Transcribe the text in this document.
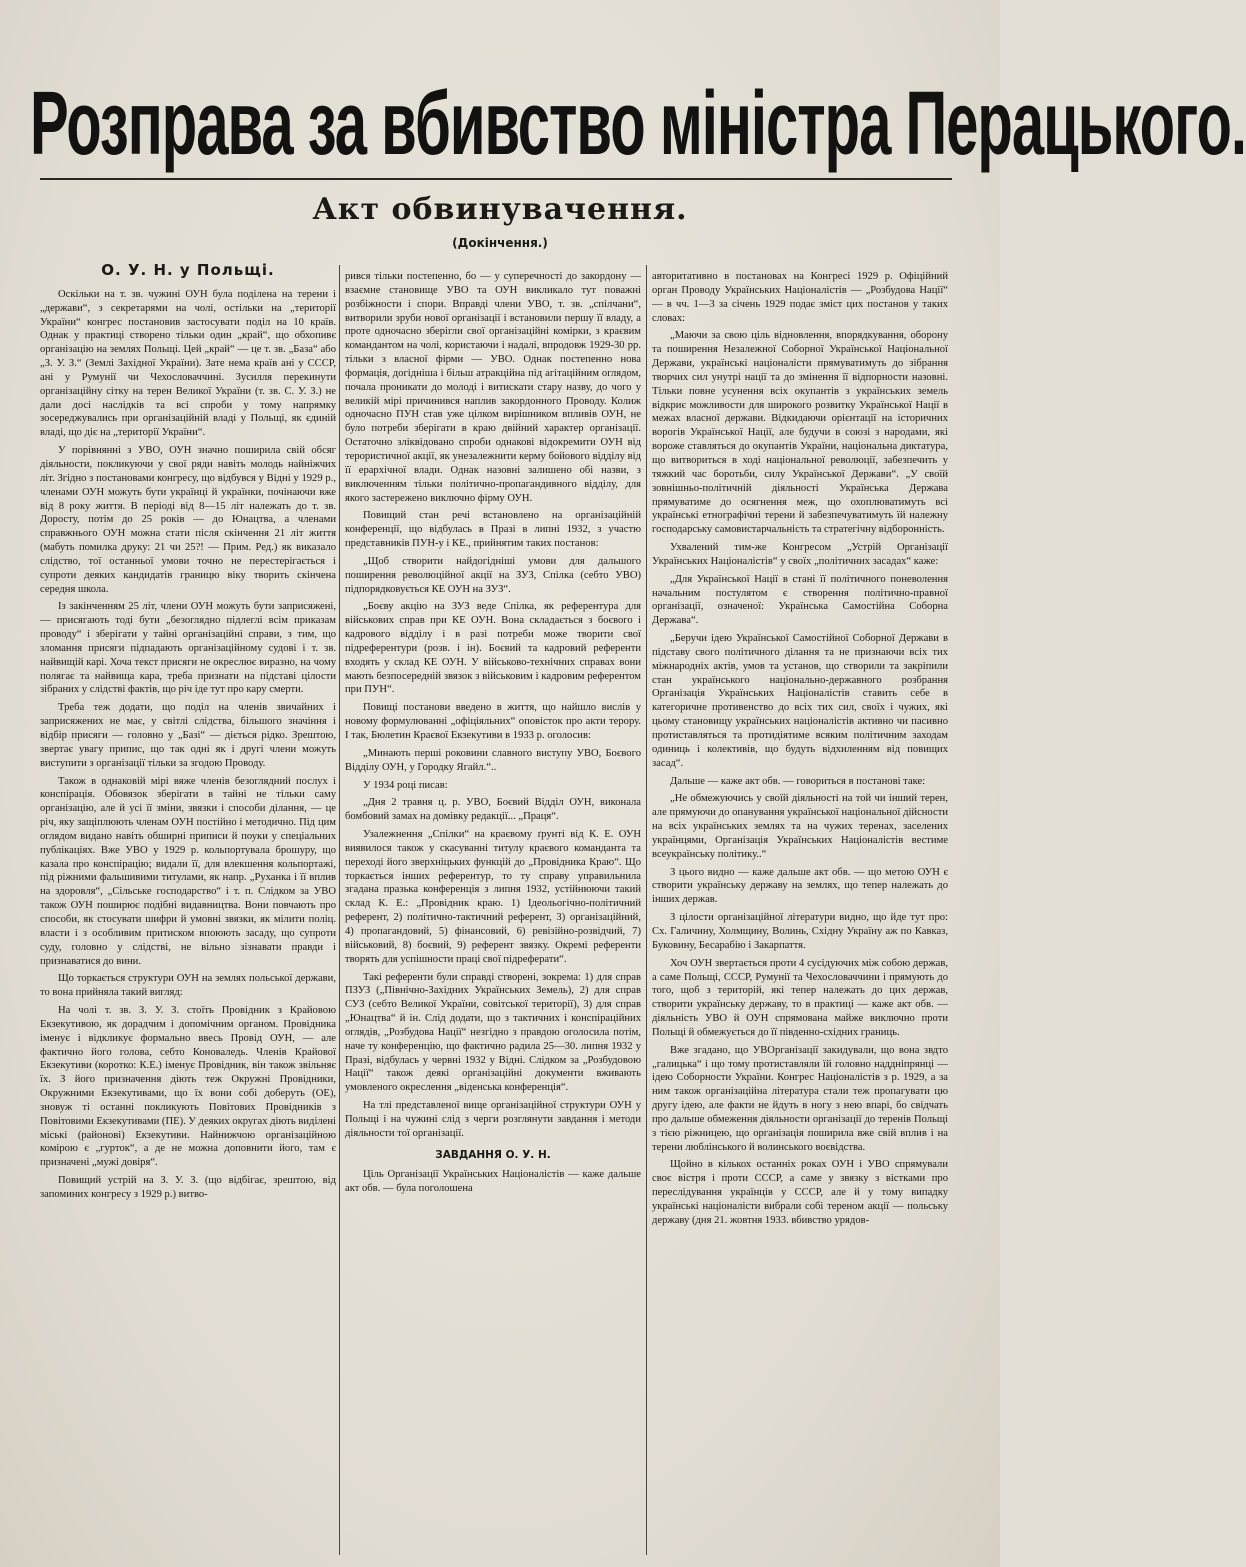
Розправа за вбивство міністра Перацького.
Акт обвинувачення.
(Докінчення.)
О. У. Н. у Польщі.

Оскільки на т. зв. чужині ОУН була поділена на терени і „держави“, з секретарями на чолі, остільки на „території України“ конгрес постановив застосувати поділ на 10 країв. Однак у практиці створено тільки один „край“, що обхопивє організацію на землях Польщі. Цей „край“ — це т. зв. „База“ або „З. У. З.“ (Землі Західної України). Зате нема країв ані у СССР, ані у Румунії чи Чехословаччині. Зусилля перекинути організаційну сітку на терен Великої України (т. зв. С. У. З.) не дали досі наслідків та всі спроби у тому напрямку зосереджувались при організаційній владі у Польщі, як єдиній владі, що діє на „території України“.

У порівнянні з УВО, ОУН значно поширила свій обсяг діяльности, покликуючи у свої ряди навіть молодь найніжчих літ. Згідно з постановами конгресу, що відбувся у Відні у 1929 р., членами ОУН можуть бути українці й українки, почінаючи вже від 8 року життя. В періоді від 8—15 літ належать до т. зв. Доросту, потім до 25 років — до Юнацтва, а членами справжнього ОУН можна стати після скінчення 21 літ життя (мабуть помилка друку: 21 чи 25?! — Прим. Ред.) як виказало слідство, тої останньої умови точно не перестерігається і супроти деяких кандидатів границю віку творить скінчена середня школа.

Із закінченням 25 літ, члени ОУН можуть бути заприсяжені, — присягають тоді бути „безоглядно підлеглі всім приказам проводу“ і зберігати у тайні організаційні справи, з тим, що зломання присяги підпадають організаційному судові і т. зв. найвищій карі. Хоча текст присяги не окреслює виразно, на чому полягає та найвища кара, треба признати на підставі цілости зібраних у слідстві фактів, що річ іде тут про кару смерти.

Треба теж додати, що поділ на членів звичайних і заприсяжених не має, у світлі слідства, більшого значіння і відбір присяги — головно у „Базі“ — діється рідко. Зрештою, звертає увагу припис, що так одні як і другі члени можуть виступити з організації тільки за згодою Проводу.

Також в однаковій мірі вяже членів безоглядний послух і конспірація. Обовязок зберігати в тайні не тільки саму організацію, але й усі її зміни, звязки і способи ділання, — це річ, яку защіплюють членам ОУН постійно і методично. Під цим оглядом видано навіть обширні приписи й поуки у спеціальних публікаціях. Вже УВО у 1929 р. кольпортувала брошуру, що казала про конспірацію; видали її, для влекшення кольпортажі, під ріжними фальшивими титулами, як напр. „Руханка і її вплив на здоровля“, „Сільське господарство“ і т. п. Слідком за УВО також ОУН поширює подібні видавництва. Вони повчають про способи, як стосувати шифри й умовні звязки, як мілити поліц. власти і з особливим притиском впоюють засаду, що супроти суду, головно у слідстві, не вільно зізнавати правди і признаватися до вини.

Що торкається структури ОУН на землях польської держави, то вона прийняла такий вигляд:

На чолі т. зв. З. У. З. стоїть Провідник з Крайовою Екзекутивою, як дорадчим і допомічним органом. Провідника іменує і відкликує формально ввесь Провід ОУН, — але фактично його голова, себто Коноваледь. Членів Крайової Екзекутиви (коротко: К.Е.) іменує Провідник, він також звільняє їх. З його призначення діють теж Окружні Провідники, Окружними Екзекутивами, що їх вони собі доберуть (ОЕ), зновуж ті останні покликують Повітових Провідників з Повітовими Екзекутивами (ПЕ). У деяких округах діють виділені міські (районові) Екзекутиви. Найнижчою організаційною комірою є „гурток“, а де не можна доповнити його, там є призначені „мужі довіря“.

Повищий устрій на З. У. З. (що відбігає, зрештою, від запоминих конгресу з 1929 р.) витво-

рився тільки постепенно, бо — у суперечності до закордону — взаємне становище УВО та ОУН викликало тут поважні розбіжности і спори. Вправді члени УВО, т. зв. „спілчани“, витворили зруби нової організації і встановили першу її владу, а проте одночасно зберігли свої організаційні комірки, з краєвим командантом на чолі, користаючи і надалі, впродовж 1929-30 рр. тільки з власної фірми — УВО. Однак постепенно нова формація, догідніша і більш атракційна під агітаційним оглядом, почала проникати до молоді і витискати стару назву, до чого у великій мірі причинився наплив закордонного Проводу. Колиж одночасно ПУН став уже цілком вирішником впливів ОУН, не було потреби зберігати в краю двійний характер організації. Остаточно зліквідовано спроби однакові відокремити ОУН від терористичної акції, як унезалежнити керму бойового відділу від її ерархічної влади. Однак назовні залишено обі назви, з виключенням тільки політично-пропагандивного відділу, для якого застережено виключно фірму ОУН.

Повищий стан речі встановлено на організаційній конференції, що відбулась в Празі в липні 1932, з участю представників ПУН-у і КЕ., прийнятим таких постанов:

„Щоб створити найдогідніші умови для дальшого поширення революційної акції на ЗУЗ, Спілка (себто УВО) підпорядковується КЕ ОУН на ЗУЗ“.

„Боєву акцію на ЗУЗ веде Спілка, як референтура для військових справ при КЕ ОУН. Вона складається з боєвого і кадрового відділу і в разі потреби може творити свої підреферентури (розв. і ін). Боєвий та кадровий референти входять у склад КЕ ОУН. У військово-технічних справах вони мають безпосередній звязок з військовим і кадровим референтом при ПУН“.

Повищі постанови введено в життя, що найшло вислів у новому формулюванні „офіціяльних“ оповісток про акти терору. І так, Бюлетин Краєвої Екзекутиви в 1933 р. оголосив:

„Минають перші роковини славного виступу УВО, Боєвого Відділу ОУН, у Городку Ягайл.“..

У 1934 році писав:

„Дня 2 травня ц. р. УВО, Боєвий Відділ ОУН, виконала бомбовий замах на домівку редакції... „Праця“.

Узалежнення „Спілки“ на краєвому ґрунті від К. Е. ОУН виявилося також у скасуванні титулу краєвого команданта та переході його зверхніцьких функцій до „Провідника Краю“. Що торкається інших референтур, то ту справу управильнила згадана празька конференція з липня 1932, устійнюючи такий склад К. Е.: „Провідник краю. 1) Ідеольогічно-політичний референт, 2) політично-тактичний референт, 3) організаційний, 4) пропагандовий, 5) фінансовий, 6) ревізійно-розвідчий, 7) військовий, 8) боєвий, 9) референт звязку. Окремі референти творять для успішности праці свої підреферати“.

Такі референти були справді створені, зокрема: 1) для справ ПЗУЗ („Північно-Західних Українських Земель), 2) для справ СУЗ (себто Великої України, совітської території), 3) для справ „Юнацтва“ й ін. Слід додати, що з тактичних і конспіраційних оглядів, „Розбудова Нації“ незгідно з правдою оголосила потім, наче ту конференцію, що фактично радила 25—30. липня 1932 у Празі, відбулась у червні 1932 у Відні. Слідком за „Розбудовою Нації“ також деякі організаційні документи вживають умовленого окреслення „віденська конференція“.

На тлі представленої вище організаційної структури ОУН у Польщі і на чужині слід з черги розглянути завдання і методи діяльности тої організації.

ЗАВДАННЯ О. У. Н.

Ціль Організації Українських Націоналістів — каже дальше акт обв. — була поголошена

авторитативно в постановах на Конгресі 1929 р. Офіційний орган Проводу Українських Націоналістів — „Розбудова Нації“ — в чч. 1—3 за січень 1929 подає зміст цих постанов у таких словах:

„Маючи за свою ціль відновлення, впорядкування, оборону та поширення Незалежної Соборної Української Національної Держави, українські націоналісти прямуватимуть до зібрання творчих сил унутрі нації та до змінення її відпорности назовні. Тільки повне усунення всіх окупантів з українських земель відкриє можливости для широкого розвитку Української Нації в межах власної держави. Відкидаючи орієнтації на історичних ворогів Української Нації, але будучи в союзі з народами, які вороже ставляться до окупантів України, національна диктатура, що витвориться в ході національної революції, забезпечить у тяжкий час боротьби, силу Української Держави“. „У своїй зовнішньо-політичній діяльності Українська Держава прямуватиме до осягнення меж, що охоплюватимуть всі українські етнографічні терени й забезпечуватимуть їй належну господарську самовистарчальність та стратегічну відборонність.

Ухвалений тим-же Конгресом „Устрій Організації Українських Націоналістів“ у своїх „політичних засадах“ каже:

„Для Української Нації в стані її політичного поневолення начальним постулятом є створення політично-правної організації, означеної: Українська Самостійна Соборна Держава“.

„Беручи ідею Української Самостійної Соборної Держави в підставу свого політичного ділання та не признаючи всіх тих міжнародніх актів, умов та установ, що створили та закріпили стан українського національно-державного розбрання Організація Українських Націоналістів ставить себе в категоричне противенство до всіх тих сил, своїх і чужих, які цьому становищу українських націоналістів активно чи пасивно протиставляться та протидіятиме всяким політичним заходам одиниць і колективів, що будуть відхиленням від повищих засад“.

Дальше — каже акт обв. — говориться в постанові таке:

„Не обмежуючись у своїй діяльності на той чи інший терен, але прямуючи до опанування української національної дійсности на всіх українських землях та на чужих теренах, заселених українцями, Організація Українських Націоналістів вестиме всеукраїнську політику..“

З цього видно — каже дальше акт обв. — що метою ОУН є створити українську державу на землях, що тепер належать до інших держав.

З цілости організаційної літератури видно, що йде тут про: Сх. Галичину, Холмщину, Волинь, Східну Україну аж по Кавказ, Буковину, Бесарабію і Закарпаття.

Хоч ОУН звертається проти 4 сусідуючих між собою держав, а саме Польщі, СССР, Румунії та Чехословаччини і прямують до того, щоб з територій, які тепер належать до цих держав, створити українську державу, то в практиці — каже акт обв. — діяльність УВО й ОУН спрямована майже виключно проти Польщі й обмежується до її південно-східних границь.

Вже згадано, що УВОрганізації закидували, що вона звдто „галицька“ і що тому протиставляли їй головно наддніпрянці — ідею Соборности України. Конгрес Націоналістів з р. 1929, а за ним також організаційна література стали теж пропагувати цю другу ідею, але факти не йдуть в ногу з нею впарі, бо свідчать про дальше обмеження діяльности організації до теренів Польщі з тією ріжницею, що організація поширила вже свій вплив і на терени люблінського й волинського воєвідства.

Щойно в кількох останніх роках ОУН і УВО спрямували своє вістря і проти СССР, а саме у звязку з вістками про переслідування українців у СССР, але й у тому випадку українські націоналісти вибрали собі тереном акції — польську державу (дня 21. жовтня 1933. вбивство урядов-
